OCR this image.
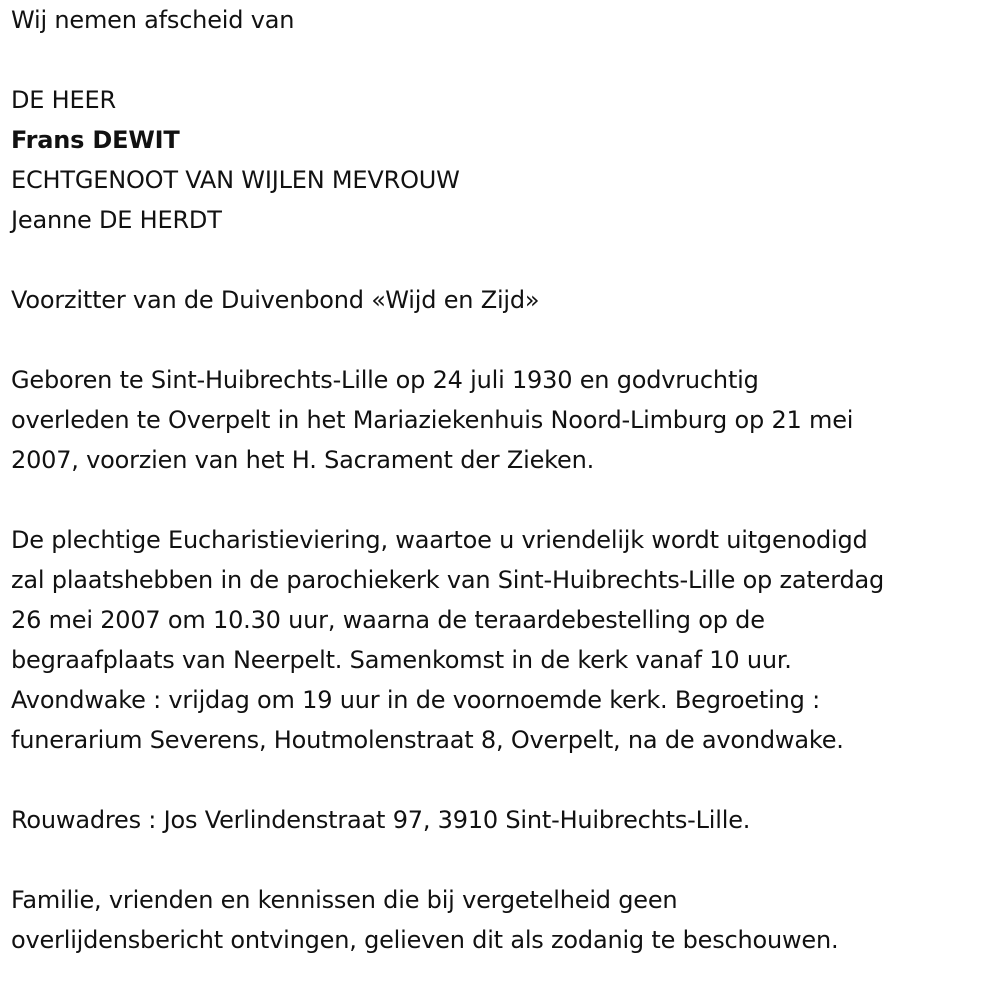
Wij nemen afscheid van

DE HEER

Frans DEWIT

ECHTGENOOT VAN WIJLEN MEVROUW

Jeanne DE HERDT

Voorzitter van de Duivenbond «Wijd en Zijd»

Geboren te Sint-Huibrechts-Lille op 24 juli 1930 en godvruchtig

overleden te Overpelt in het Mariaziekenhuis Noord-Limburg op 21 mei

2007, voorzien van het H. Sacrament der Zieken.

De plechtige Eucharistieviering, waartoe u vriendelijk wordt uitgenodigd

zal plaatshebben in de parochiekerk van Sint-Huibrechts-Lille op zaterdag

26 mei 2007 om 10.30 uur, waarna de teraardebestelling op de

begraafplaats van Neerpelt. Samenkomst in de kerk vanaf 10 uur.

Avondwake : vrijdag om 19 uur in de voornoemde kerk. Begroeting :

funerarium Severens, Houtmolenstraat 8, Overpelt, na de avondwake.

Rouwadres : Jos Verlindenstraat 97, 3910 Sint-Huibrechts-Lille.

Familie, vrienden en kennissen die bij vergetelheid geen

overlijdensbericht ontvingen, gelieven dit als zodanig te beschouwen.
